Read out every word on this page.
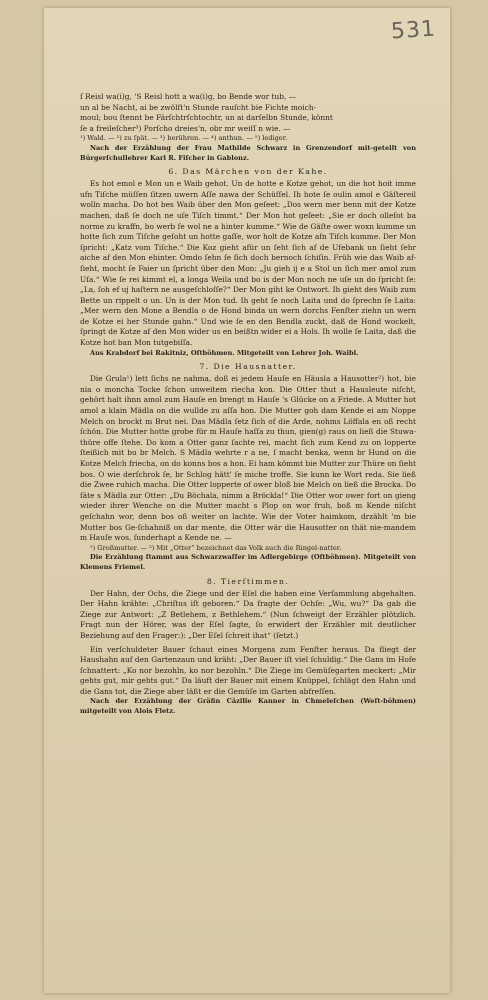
531

ſ Reisl wa(i)g, ‘S Reisl hott a wa(i)g, bo Bende wor tub, —

un al be Nacht, ai be zwölft'n Stunde rauſcht bie Fichte moich-

moul; bou ſtennt be Färſchtrſchtochtr, un ai darſelbn Stunde, könnt

ſe a freileſcher³) Porſcho dreies'n, obr mr weiſſ n wie. —

¹) Wald. — ²) zu ſpät. — ³) berühren. — ⁴) anthun. — ⁵) lediger.

Nach der Erzählung der Frau Mathilde Schwarz in Grenzendorf mit-geteilt von Bürgerſchullehrer Karl R. Fiſcher in Gablonz.

6. Das Märchen von der Kahe.

Es hot emol e Mon un e Waib gehot. Un de hotte e Kotze gehot, un die hot hoit imme ufn Tiſche müſſen ſitzen uwern Aſſe nawa der Schüſſel. Ih hote ſe oulin amol e Gäſtereil wolln macha. Do hot bes Waib über den Mon geſeet: „Dos wern mer benn mit der Kotze machen, daß ſe doch ne uſe Tiſch timmt.“ Der Mon hot geſeet: „Sie er doch ollefot ba norme zu kraffn, bo werb ſe wol ne a hinter kumme.“ Wie de Gäſte ower woxn kumme un hotte ſich zum Tiſche geſoht un hotte gaſſe, wor holt de Kotze afn Tiſch kumme. Der Mon ſpricht: „Katz vom Tiſche.“ Die Koz gieht afür un ſeht ſich af de Ufebank un ſieht ſehr aiche af den Mon ehinter. Omdo ſehn ſe ſich doch bernoch ſchiſin. Früh wie das Waib af-ſieht, mocht ſe Faier un ſpricht über den Mon: „Ju gieh ij e a Stol un ſich mer amol zum Uſa.“ Wie ſe rei kimmt el, a longa Weila und bo is der Mon noch ne uſe un do ſpricht ſe: „La, ſoh ef uj haſtern ne ausgeſchloſſe?“ Der Mon giht ke Ontwort. Ih gieht des Waib zum Bette un rippelt o un. Un is der Mon tud. Ih geht ſe noch Laita und do ſprechn ſe Laita: „Mer wern den Mone a Bendla o de Hond binda un wern dorchs Fenſter ziehn un wern de Kotze ei her Stunde gahn.“ Und wie ſe en den Bendla zuckt, daß de Hond wockelt, ſpringt de Kotze af den Mon wider us en beißtn wider ei a Hols. Ih wolle ſe Laita, daß die Kotze hot ban Mon tutgebiſſa.

Aus Krabdorf bei Rakitniz, Oſtböhmen. Mitgeteilt von Lehrer Joh. Waibl.

7. Die Hausnatter.

Die Grula¹) lett ſichs ne nahma, doß ei jedem Hauſe en Häusla a Hausotter²) hot, bie nia o moncha Tocke ſchon unweitem riecha kon. Die Otter thut a Hausleute niſcht, gehört halt ihnn amol zum Hauſe en brengt m Hauſe 's Glücke on a Friede. A Mutter hot amol a klain Mädla on die wullde zu aſſa hon. Die Mutter goh dam Kende ei am Noppe Melch on brockt m Brut nei. Das Mädla ſetz ſich of die Arde, nohms Löffala en oß recht ſchön. Die Mutter hotte grobe für m Hauſe haſſa zu thun, gien(g) raus on ließ die Stuwa-thüre offe ſtehe. Do kom a Otter ganz ſachte rei, macht ſich zum Kend zu on lopperte ſteißich mit bu br Melch. S Mädla wehrte r a ne, ſ macht benka, wenn br Hund on die Kotze Melch friecha, on do konns bos a hon. Ei ham kömmt bie Mutter zur Thüre on ſieht bos. O wie derſchrok ſe, br Schlog hätt' ſe miche troffe. Sie kunn ke Wort reda. Sie ließ die Zwee ruhich macha. Die Otter lopperte of ower bloß bie Melch on ließ die Brocka. Do ſäte s Mädla zur Otter: „Du Böchala, nimm a Bröckla!“ Die Otter wor ower fort on gieng wieder ihrer Wenche on die Mutter macht s Plop on wor fruh, boß m Kende niſcht geſchahn wor, denn bos oß weiter on lachte. Wie der Voter haimkom, drzählt 'm bie Mutter bos Ge-ſchahniß on dar mente, die Otter wär die Hausotter on thät nie-mandem m Hauſe wos, ſunderhapt a Kende ne. —

¹) Großmutter. — ²) Mit „Otter“ bezeichnet das Volk auch die Ringel-natter.

Die Erzählung ſtammt aus Schwarzwaſſer im Adlergebirge (Oſtböhmen). Mitgeteilt von Klemens Friemel.

8. Tierſtimmen.

Der Hahn, der Ochs, die Ziege und der Eſel die haben eine Verſammlung abgehalten. Der Hahn krähte: „Chriſtus iſt geboren.“ Da fragte der Ochſe: „Wu, wu?“ Da gab die Ziege zur Antwort: „Z Betlehem, z Bethlehem.“ (Nun ſchweigt der Erzähler plötzlich. Fragt nun der Hörer, was der Eſel ſagte, ſo erwidert der Erzähler mit deutlicher Beziehung auf den Frager:): „Der Eſel ſchreit ihat“ (ſetzt.)

Ein verſchuldeter Bauer ſchaut eines Morgens zum Fenſter heraus. Da fliegt der Haushahn auf den Gartenzaun und kräht: „Der Bauer iſt viel ſchuldig.“ Die Gans im Hofe ſchnattert: „Ko nor bezohln, ko nor bezohln.“ Die Ziege im Gemüſegarten meckert: „Mir gehts gut, mir gehts gut.“ Da läuft der Bauer mit einem Knüppel, ſchlägt den Hahn und die Gans tot, die Ziege aber läßt er die Gemüſe im Garten abfreſſen.

Nach der Erzählung der Gräfin Cäzilie Kanner in Chmeleſchen (Weſt-böhmen) mitgeteilt von Alois Fletz.
